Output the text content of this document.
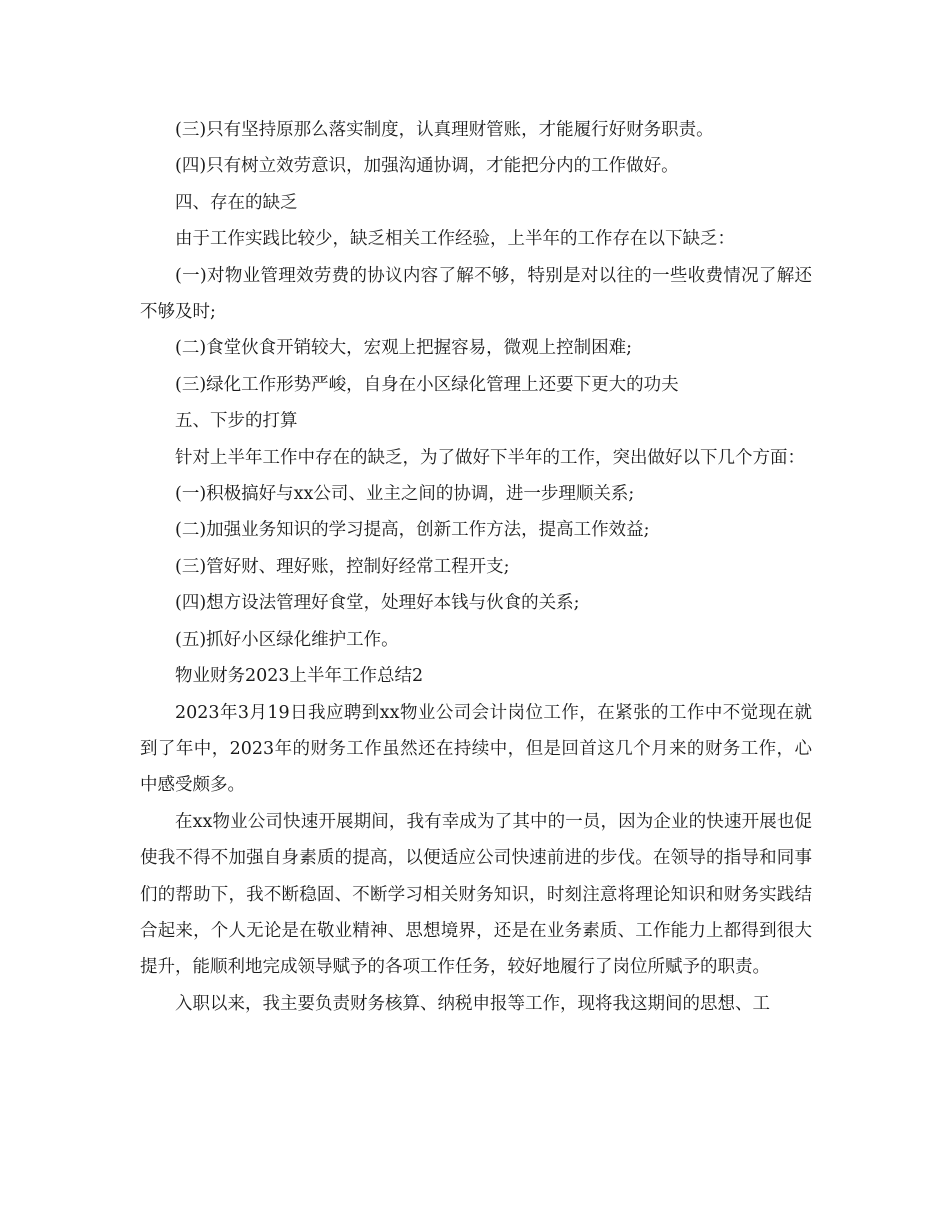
(三)只有坚持原那么落实制度，认真理财管账，才能履行好财务职责。

(四)只有树立效劳意识，加强沟通协调，才能把分内的工作做好。

四、存在的缺乏

由于工作实践比较少，缺乏相关工作经验，上半年的工作存在以下缺乏：

(一)对物业管理效劳费的协议内容了解不够，特别是对以往的一些收费情况了解还不够及时;

(二)食堂伙食开销较大，宏观上把握容易，微观上控制困难;

(三)绿化工作形势严峻，自身在小区绿化管理上还要下更大的功夫

五、下步的打算

针对上半年工作中存在的缺乏，为了做好下半年的工作，突出做好以下几个方面：

(一)积极搞好与xx公司、业主之间的协调，进一步理顺关系;

(二)加强业务知识的学习提高，创新工作方法，提高工作效益;

(三)管好财、理好账，控制好经常工程开支;

(四)想方设法管理好食堂，处理好本钱与伙食的关系;

(五)抓好小区绿化维护工作。

物业财务2023上半年工作总结2

2023年3月19日我应聘到xx物业公司会计岗位工作，在紧张的工作中不觉现在就到了年中，2023年的财务工作虽然还在持续中，但是回首这几个月来的财务工作，心中感受颇多。

在xx物业公司快速开展期间，我有幸成为了其中的一员，因为企业的快速开展也促使我不得不加强自身素质的提高，以便适应公司快速前进的步伐。在领导的指导和同事们的帮助下，我不断稳固、不断学习相关财务知识，时刻注意将理论知识和财务实践结合起来，个人无论是在敬业精神、思想境界，还是在业务素质、工作能力上都得到很大提升，能顺利地完成领导赋予的各项工作任务，较好地履行了岗位所赋予的职责。

入职以来，我主要负责财务核算、纳税申报等工作，现将我这期间的思想、工
